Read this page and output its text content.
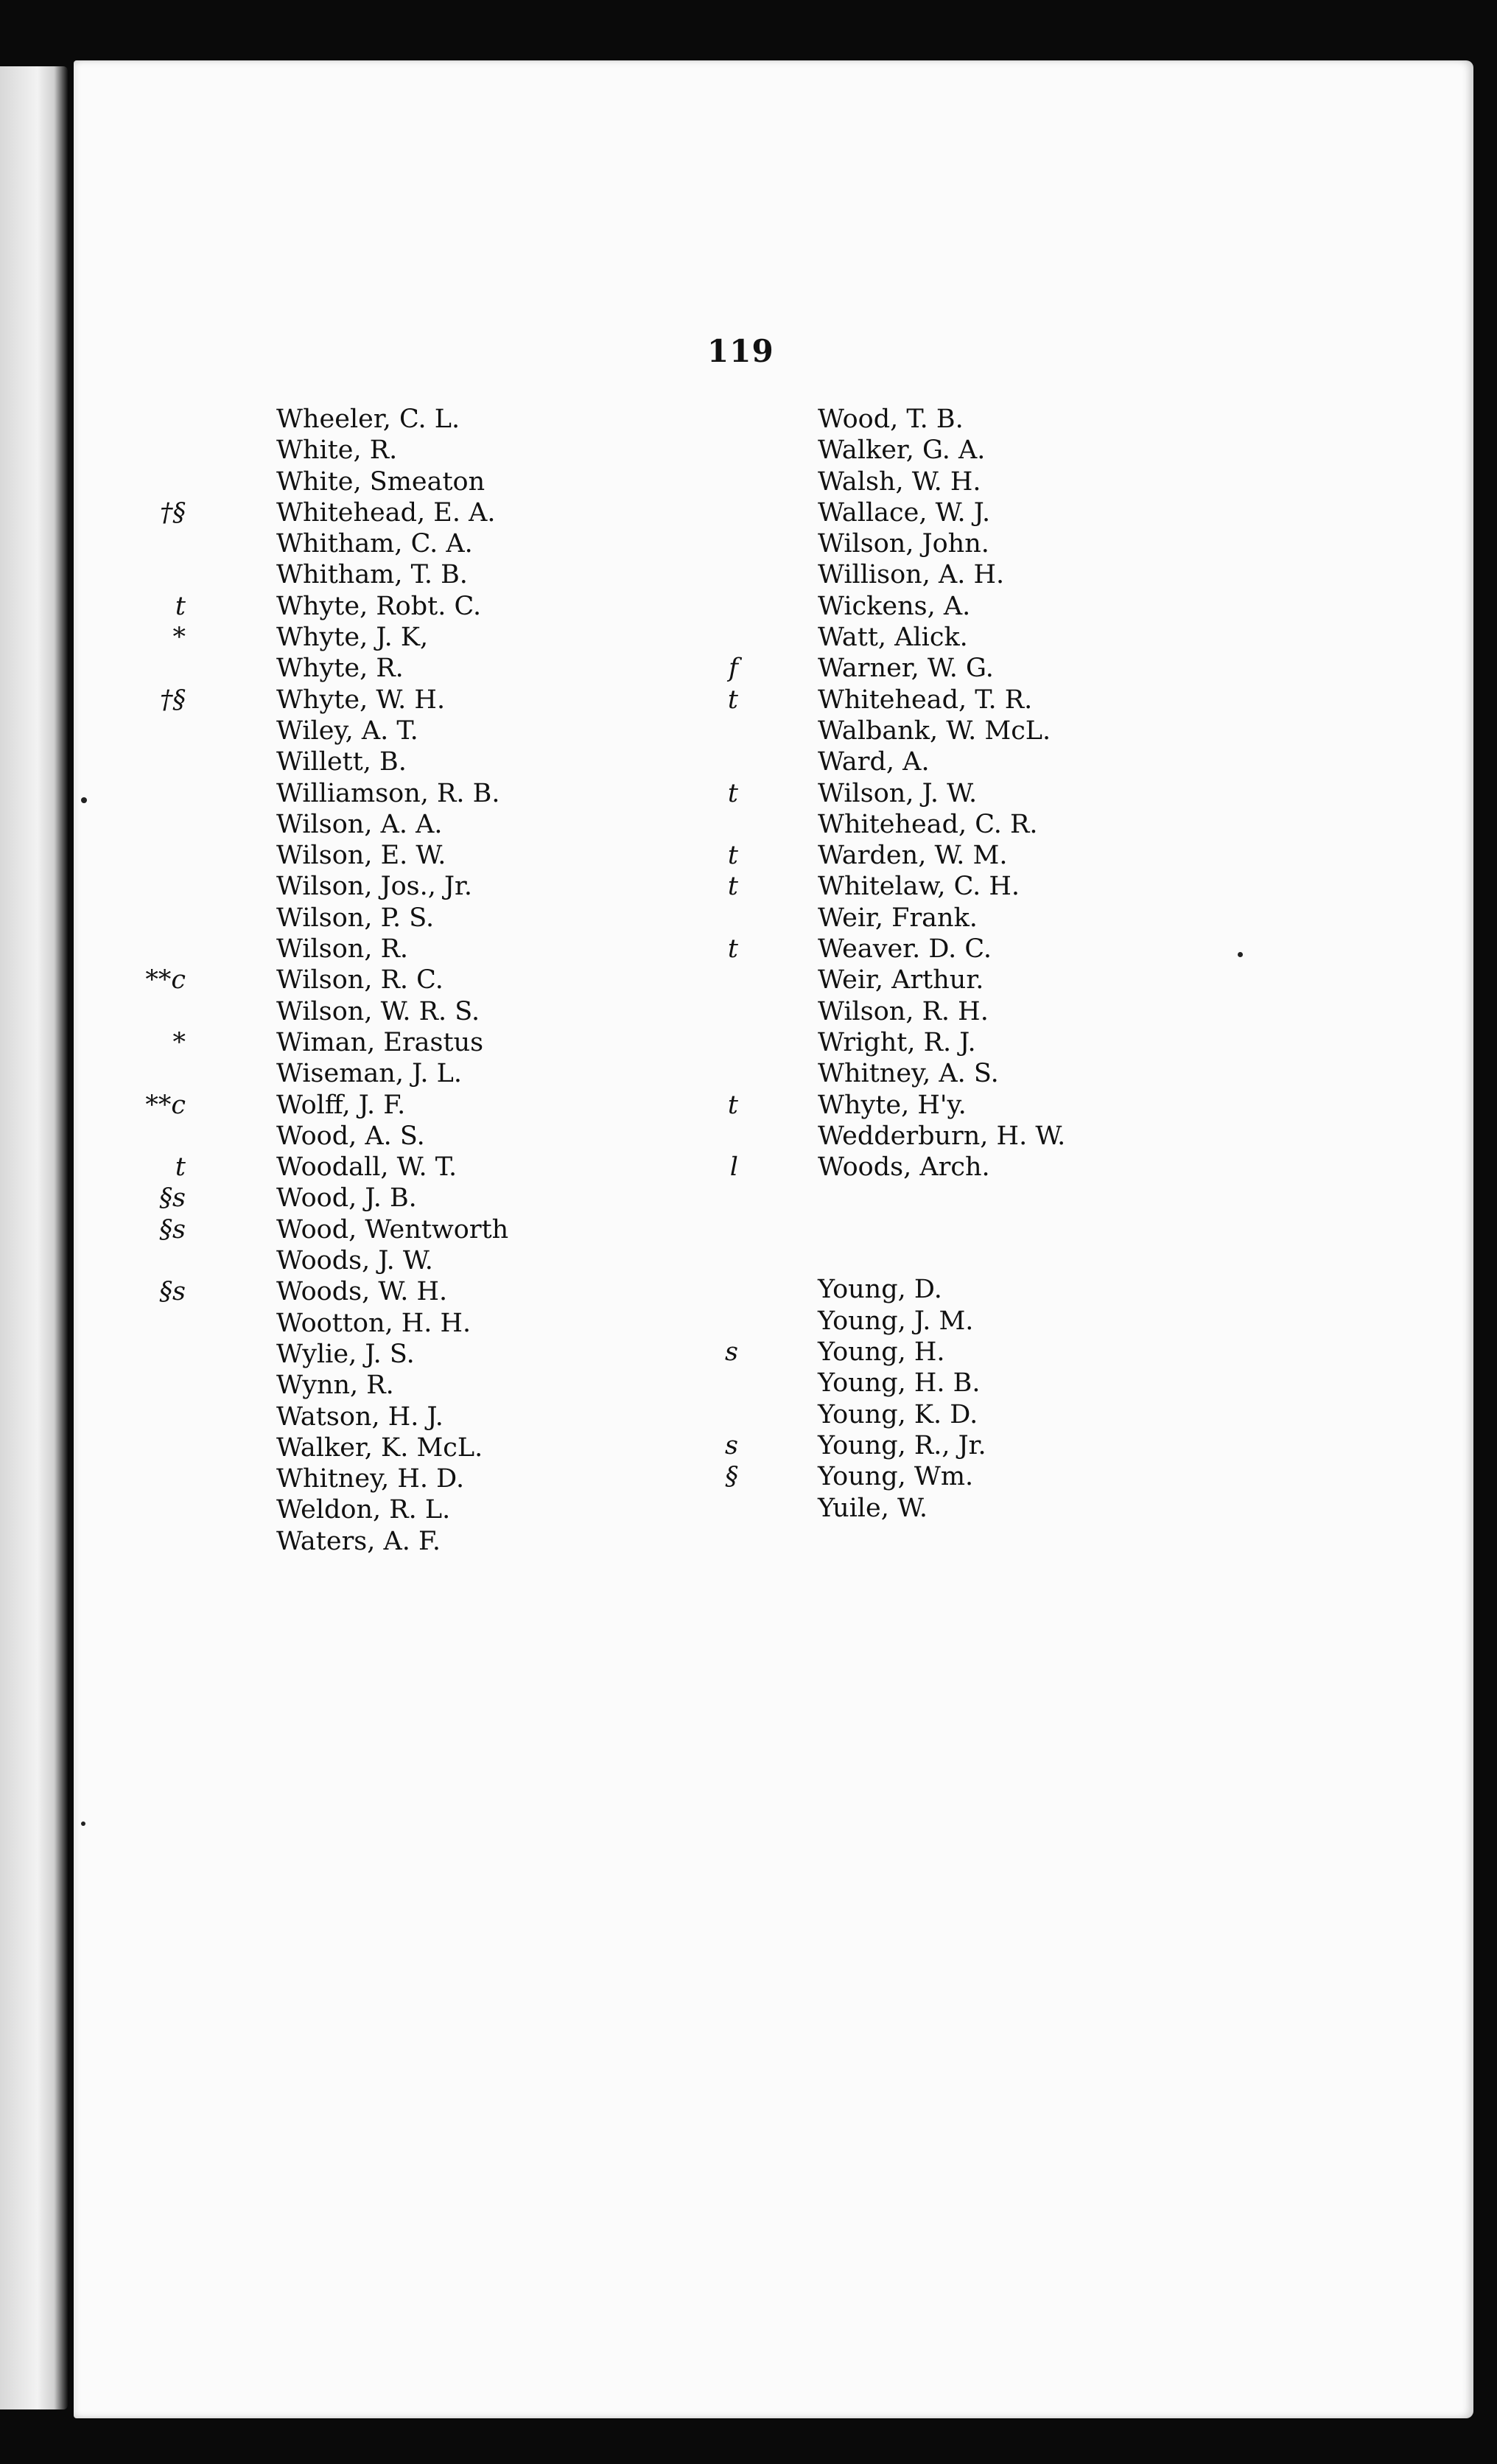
119
Wheeler, C. L.
White, R.
White, Smeaton
†§	Whitehead, E. A.
Whitham, C. A.
Whitham, T. B.
t	Whyte, Robt. C.
*	Whyte, J. K,
Whyte, R.
†§	Whyte, W. H.
Wiley, A. T.
Willett, B.
Williamson, R. B.
Wilson, A. A.
Wilson, E. W.
Wilson, Jos., Jr.
Wilson, P. S.
Wilson, R.
**c	Wilson, R. C.
Wilson, W. R. S.
*	Wiman, Erastus
Wiseman, J. L.
**c	Wolff, J. F.
Wood, A. S.
t	Woodall, W. T.
§s	Wood, J. B.
§s	Wood, Wentworth
Woods, J. W.
§s	Woods, W. H.
Wootton, H. H.
Wylie, J. S.
Wynn, R.
Watson, H. J.
Walker, K. McL.
Whitney, H. D.
Weldon, R. L.
Waters, A. F.
Wood, T. B.
Walker, G. A.
Walsh, W. H.
Wallace, W. J.
Wilson, John.
Willison, A. H.
Wickens, A.
Watt, Alick.
f	Warner, W. G.
t	Whitehead, T. R.
Walbank, W. McL.
Ward, A.
t	Wilson, J. W.
Whitehead, C. R.
t	Warden, W. M.
t	Whitelaw, C. H.
Weir, Frank.
t	Weaver. D. C.
Weir, Arthur.
Wilson, R. H.
Wright, R. J.
Whitney, A. S.
t	Whyte, H'y.
Wedderburn, H. W.
l	Woods, Arch.
Young, D.
Young, J. M.
s	Young, H.
Young, H. B.
Young, K. D.
s	Young, R., Jr.
§	Young, Wm.
Yuile, W.
